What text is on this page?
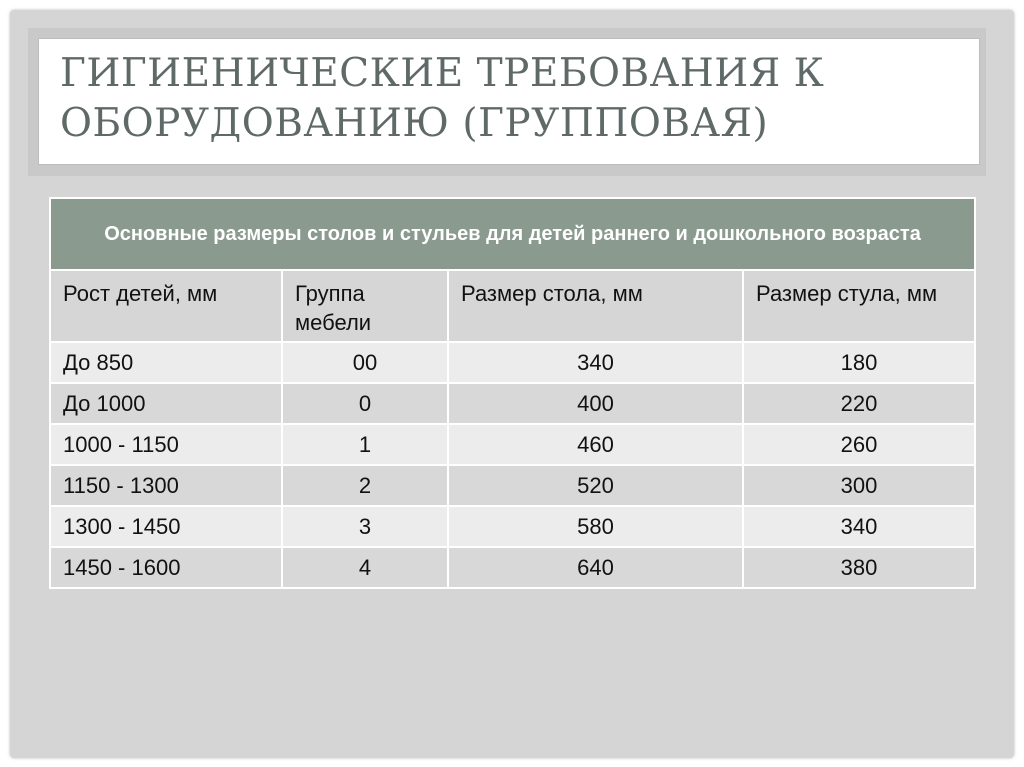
ГИГИЕНИЧЕСКИЕ ТРЕБОВАНИЯ К
ОБОРУДОВАНИЮ (ГРУППОВАЯ)
Основные размеры столов и стульев для детей раннего и дошкольного возраста			
Рост детей, мм	Группа мебели	Размер стола, мм	Размер стула, мм
До 850	00	340	180
До 1000	0	400	220
1000 - 1150	1	460	260
1150 - 1300	2	520	300
1300 - 1450	3	580	340
1450 - 1600	4	640	380
